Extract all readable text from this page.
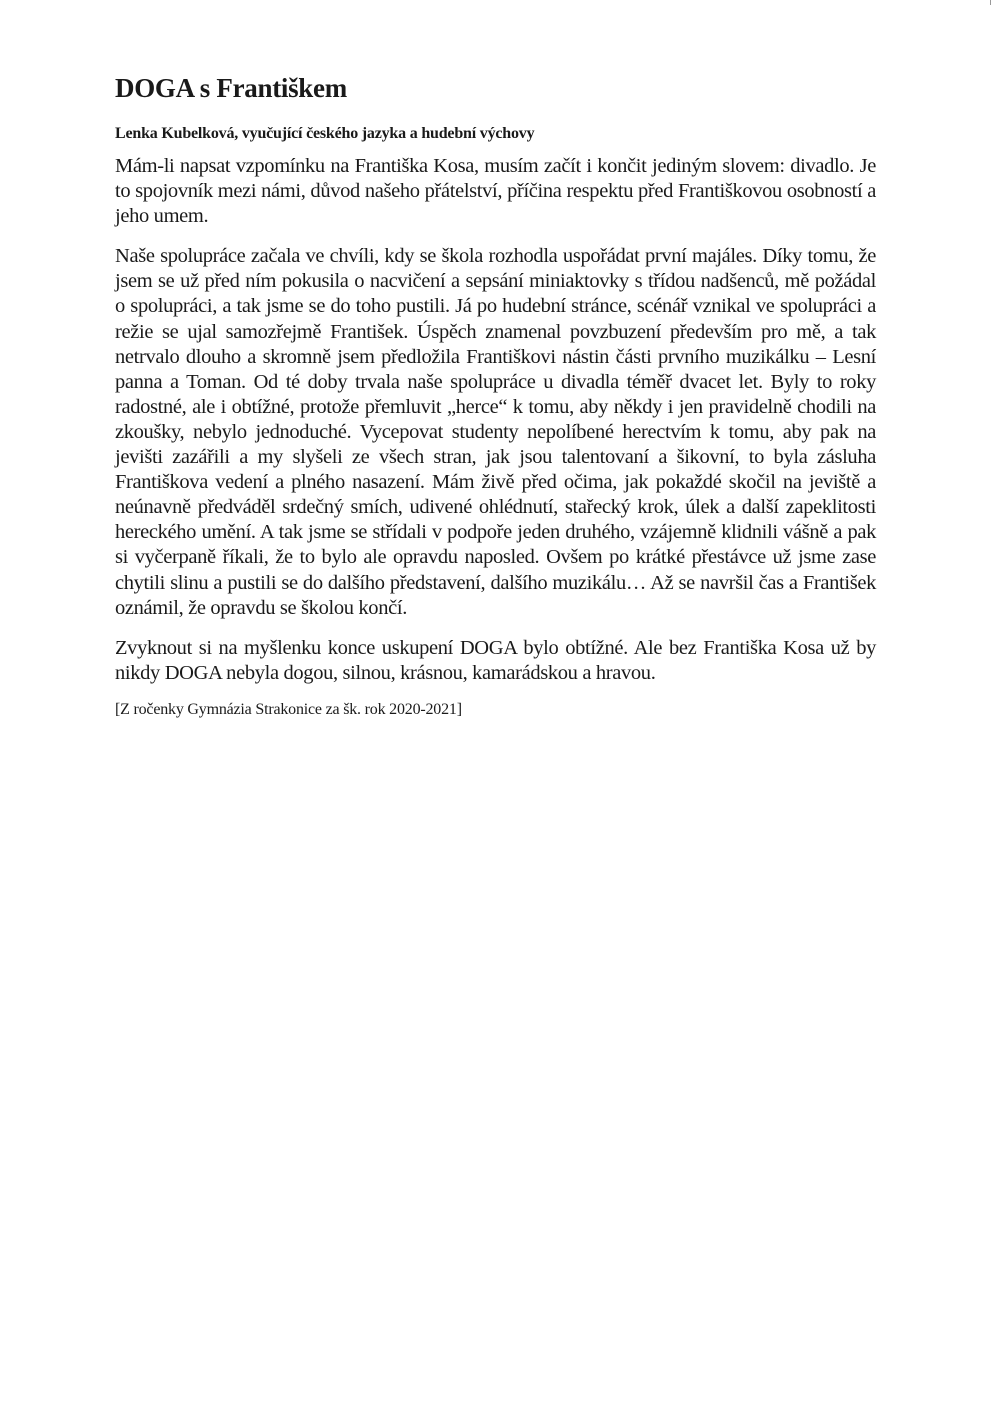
DOGA s Františkem
Lenka Kubelková, vyučující českého jazyka a hudební výchovy

Mám-li napsat vzpomínku na Františka Kosa, musím začít i končit jediným slovem: divadlo. Je to spojovník mezi námi, důvod našeho přátelství, příčina respektu před Františkovou osobností a jeho umem.

Naše spolupráce začala ve chvíli, kdy se škola rozhodla uspořádat první majáles. Díky tomu, že jsem se už před ním pokusila o nacvičení a sepsání miniaktovky s třídou nadšenců, mě požádal o spolupráci, a tak jsme se do toho pustili. Já po hudební stránce, scénář vznikal ve spolupráci a režie se ujal samozřejmě František. Úspěch znamenal povzbuzení především pro mě, a tak netrvalo dlouho a skromně jsem předložila Františkovi nástin části prvního muzikálku – Lesní panna a Toman. Od té doby trvala naše spolupráce u divadla téměř dvacet let. Byly to roky radostné, ale i obtížné, protože přemluvit „herce“ k tomu, aby někdy i jen pravidelně chodili na zkoušky, nebylo jednoduché. Vycepovat studenty nepolíbené herectvím k tomu, aby pak na jevišti zazářili a my slyšeli ze všech stran, jak jsou talentovaní a šikovní, to byla zásluha Františkova vedení a plného nasazení. Mám živě před očima, jak pokaždé skočil na jeviště a neúnavně předváděl srdečný smích, udivené ohlédnutí, stařecký krok, úlek a další zapeklitosti hereckého umění. A tak jsme se střídali v podpoře jeden druhého, vzájemně klidnili vášně a pak si vyčerpaně říkali, že to bylo ale opravdu naposled. Ovšem po krátké přestávce už jsme zase chytili slinu a pustili se do dalšího představení, dalšího muzikálu… Až se navršil čas a František oznámil, že opravdu se školou končí.

Zvyknout si na myšlenku konce uskupení DOGA bylo obtížné. Ale bez Františka Kosa už by nikdy DOGA nebyla dogou, silnou, krásnou, kamarádskou a hravou.

[Z ročenky Gymnázia Strakonice za šk. rok 2020-2021]
